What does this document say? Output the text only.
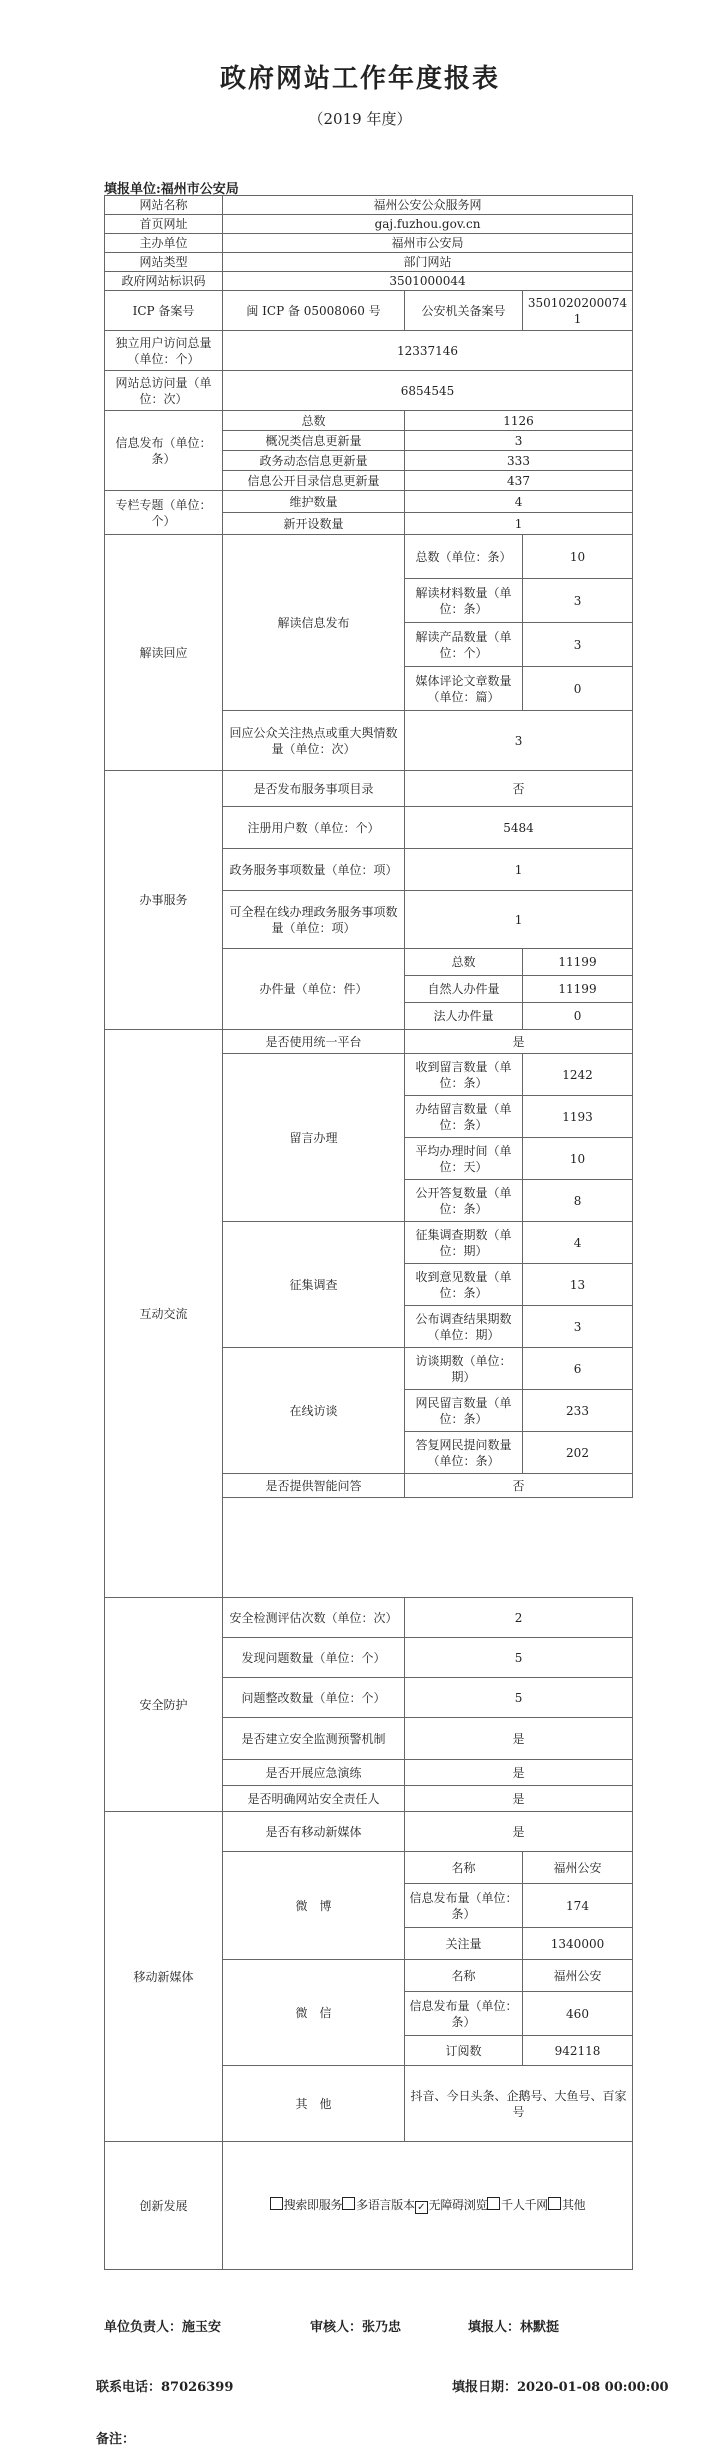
政府网站工作年度报表
（2019 年度）
填报单位:福州市公安局
网站名称	福州公安公众服务网		
首页网址	gaj.fuzhou.gov.cn		
主办单位	福州市公安局		
网站类型	部门网站		
政府网站标识码	3501000044		
ICP 备案号	闽 ICP 备 05008060 号	公安机关备案号	35010202000741
独立用户访问总量（单位：个）	12337146		
网站总访问量（单位：次）	6854545		
信息发布（单位：条）	总数	1126	
	概况类信息更新量	3	
	政务动态信息更新量	333	
	信息公开目录信息更新量	437	
专栏专题（单位：个）	维护数量	4	
	新开设数量	1	
解读回应	解读信息发布	总数（单位：条）	10
		解读材料数量（单位：条）	3
		解读产品数量（单位：个）	3
		媒体评论文章数量（单位：篇）	0
	回应公众关注热点或重大舆情数量（单位：次）	3	
办事服务	是否发布服务事项目录	否	
	注册用户数（单位：个）	5484	
	政务服务事项数量（单位：项）	1	
	可全程在线办理政务服务事项数量（单位：项）	1	
	办件量（单位：件）	总数	11199
		自然人办件量	11199
		法人办件量	0
互动交流	是否使用统一平台	是	
	留言办理	收到留言数量（单位：条）	1242
		办结留言数量（单位：条）	1193
		平均办理时间（单位：天）	10
		公开答复数量（单位：条）	8
	征集调查	征集调查期数（单位：期）	4
		收到意见数量（单位：条）	13
		公布调查结果期数（单位：期）	3
	在线访谈	访谈期数（单位：期）	6
		网民留言数量（单位：条）	233
		答复网民提问数量（单位：条）	202
	是否提供智能问答	否	

安全防护	安全检测评估次数（单位：次）	2	
	发现问题数量（单位：个）	5	
	问题整改数量（单位：个）	5	
	是否建立安全监测预警机制	是	
	是否开展应急演练	是	
	是否明确网站安全责任人	是	
移动新媒体	是否有移动新媒体	是	
	微　博	名称	福州公安
		信息发布量（单位：条）	174
		关注量	1340000
	微　信	名称	福州公安
		信息发布量（单位：条）	460
		订阅数	942118
	其　他	抖音、今日头条、企鹅号、大鱼号、百家号	
创新发展	搜索即服务 多语言版本 ✓ 无障碍浏览 千人千网 其他		
单位负责人：施玉安	审核人：张乃忠	填报人：林默挺
联系电话：87026399	填报日期：2020-01-08 00:00:00
备注：
